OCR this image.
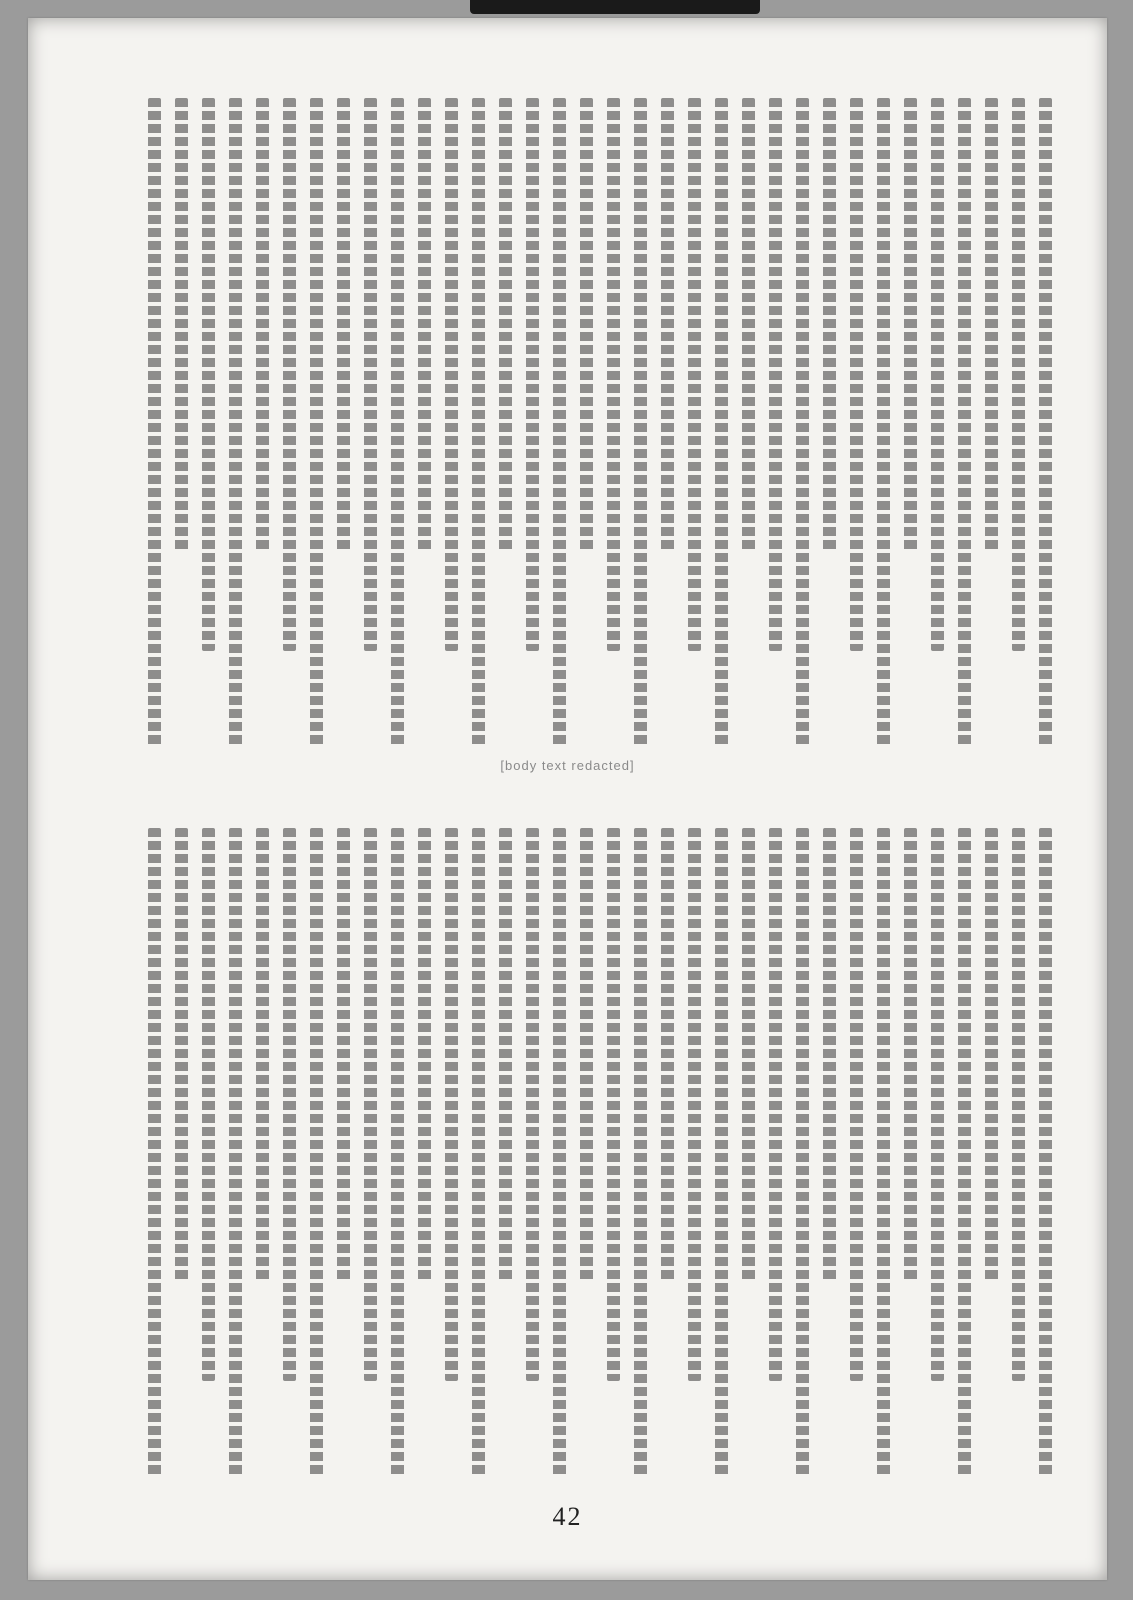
[body text redacted]
42
